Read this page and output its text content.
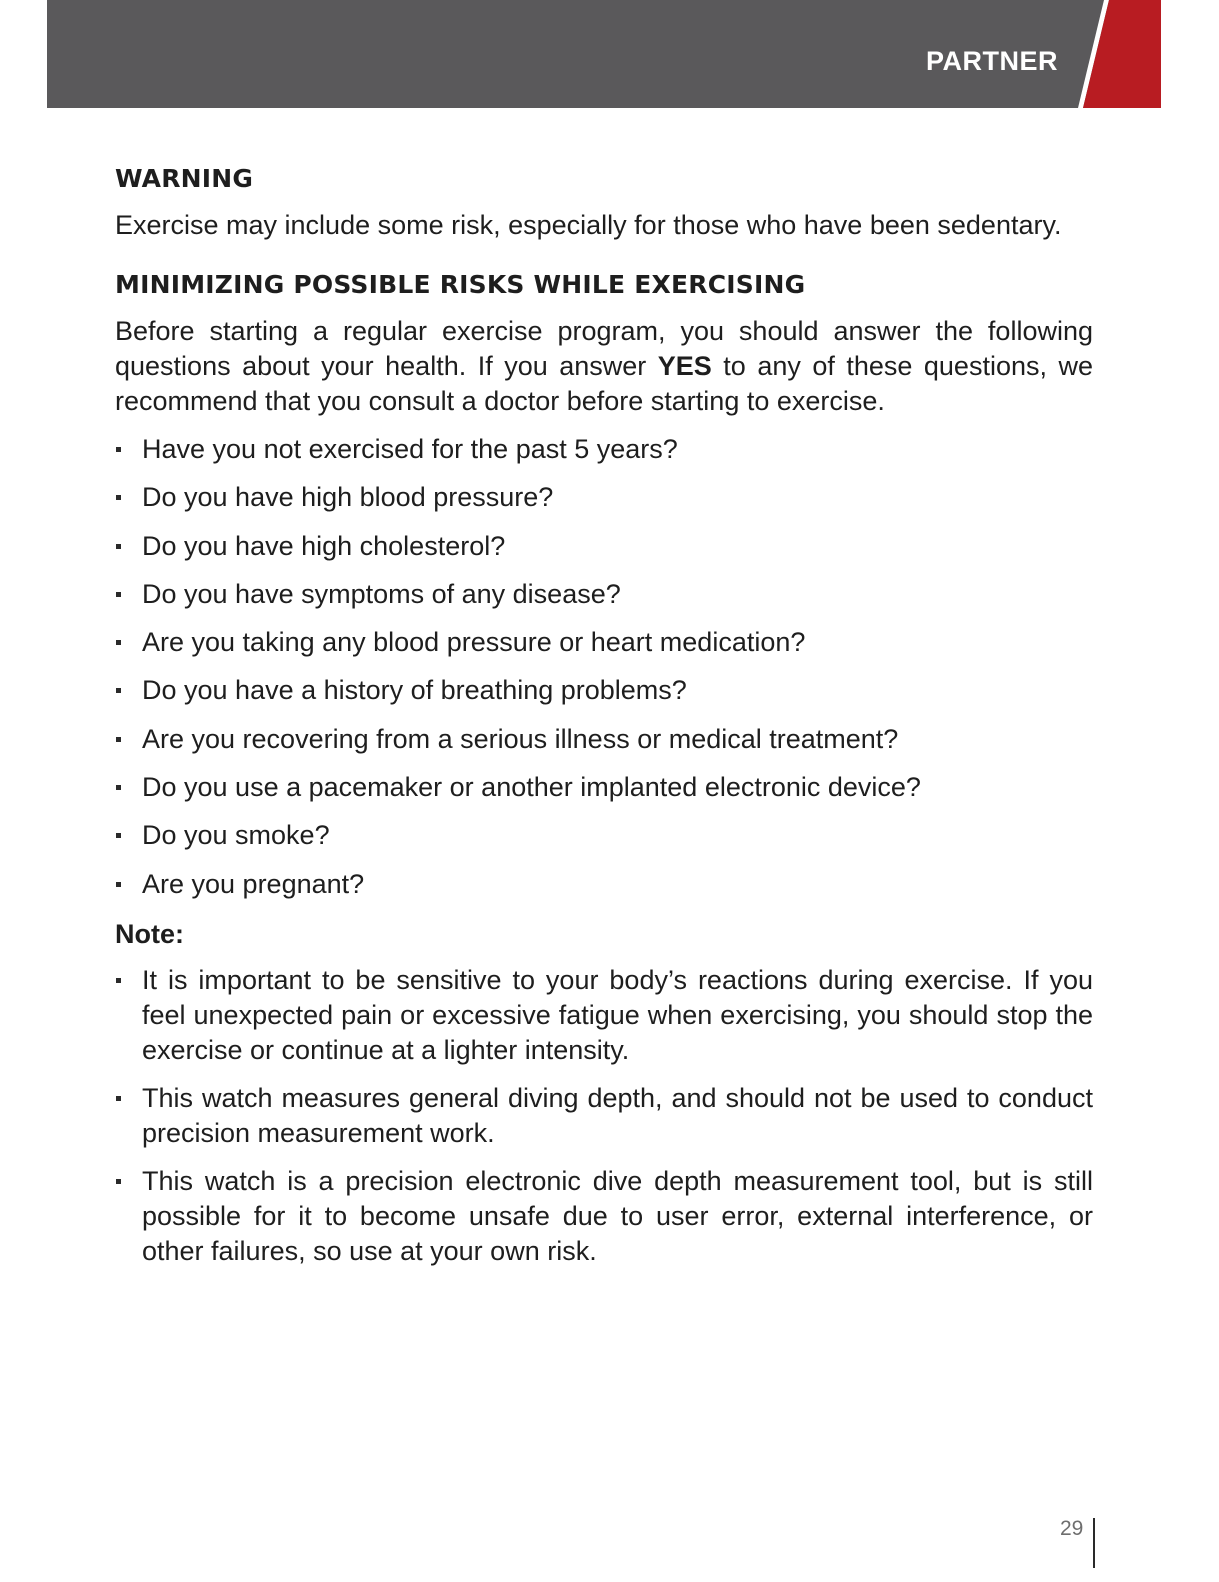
PARTNER
WARNING

Exercise may include some risk, especially for those who have been sedentary.

MINIMIZING POSSIBLE RISKS WHILE EXERCISING

Before starting a regular exercise program, you should answer the following questions about your health. If you answer YES to any of these questions, we recommend that you consult a doctor before starting to exercise.

Have you not exercised for the past 5 years?
Do you have high blood pressure?
Do you have high cholesterol?
Do you have symptoms of any disease?
Are you taking any blood pressure or heart medication?
Do you have a history of breathing problems?
Are you recovering from a serious illness or medical treatment?
Do you use a pacemaker or another implanted electronic device?
Do you smoke?
Are you pregnant?
Note:
It is important to be sensitive to your body’s reactions during exercise. If you feel unexpected pain or excessive fatigue when exercising, you should stop the exercise or continue at a lighter intensity.
This watch measures general diving depth, and should not be used to conduct precision measurement work.
This watch is a precision electronic dive depth measurement tool, but is still possible for it to become unsafe due to user error, external interference, or other failures, so use at your own risk.
29
